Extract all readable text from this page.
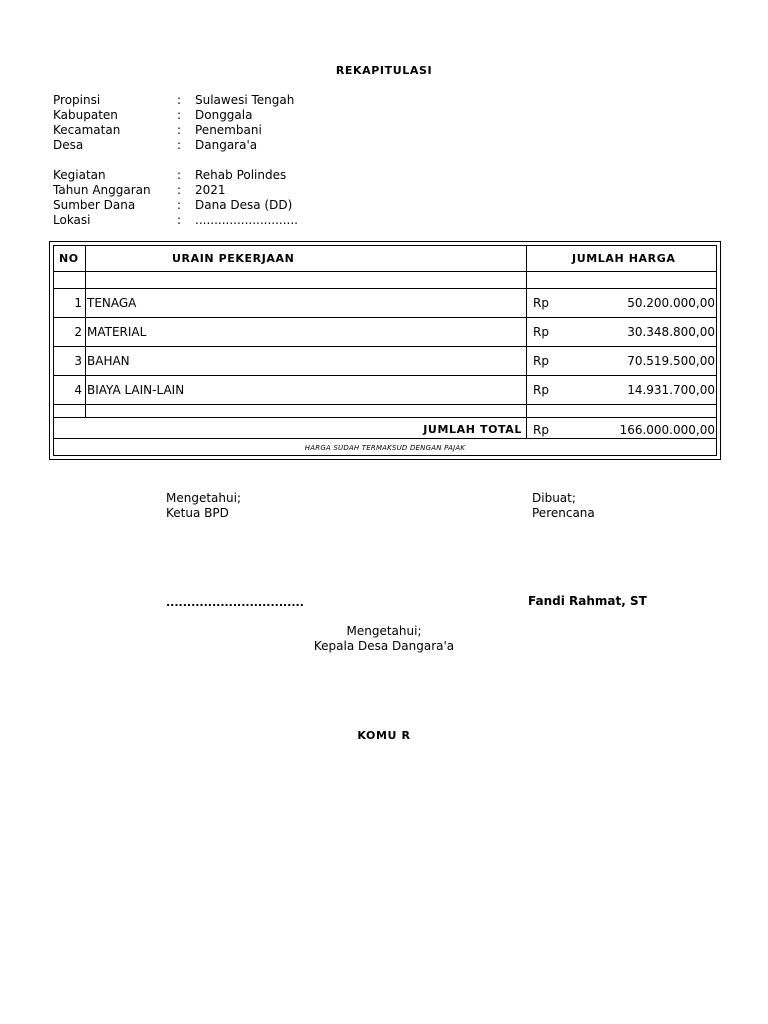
REKAPITULASI
Propinsi	: Sulawesi Tengah
Kabupaten	: Donggala
Kecamatan	: Penembani
Desa	: Dangara'a
Kegiatan	: Rehab Polindes
Tahun Anggaran : 2021
Sumber Dana	: Dana Desa (DD)
Lokasi	: ...........................
NO	URAIN PEKERJAAN	JUMLAH HARGA
1 TENAGA	Rp	50.200.000,00
2 MATERIAL	Rp	30.348.800,00
3 BAHAN	Rp	70.519.500,00
4 BIAYA LAIN-LAIN	Rp	14.931.700,00
JUMLAH TOTAL Rp	166.000.000,00
HARGA SUDAH TERMAKSUD DENGAN PAJAK
Mengetahui;
Ketua BPD
.................................
Dibuat;
Perencana
Fandi Rahmat, ST
Mengetahui;
Kepala Desa Dangara'a
KOMU R
